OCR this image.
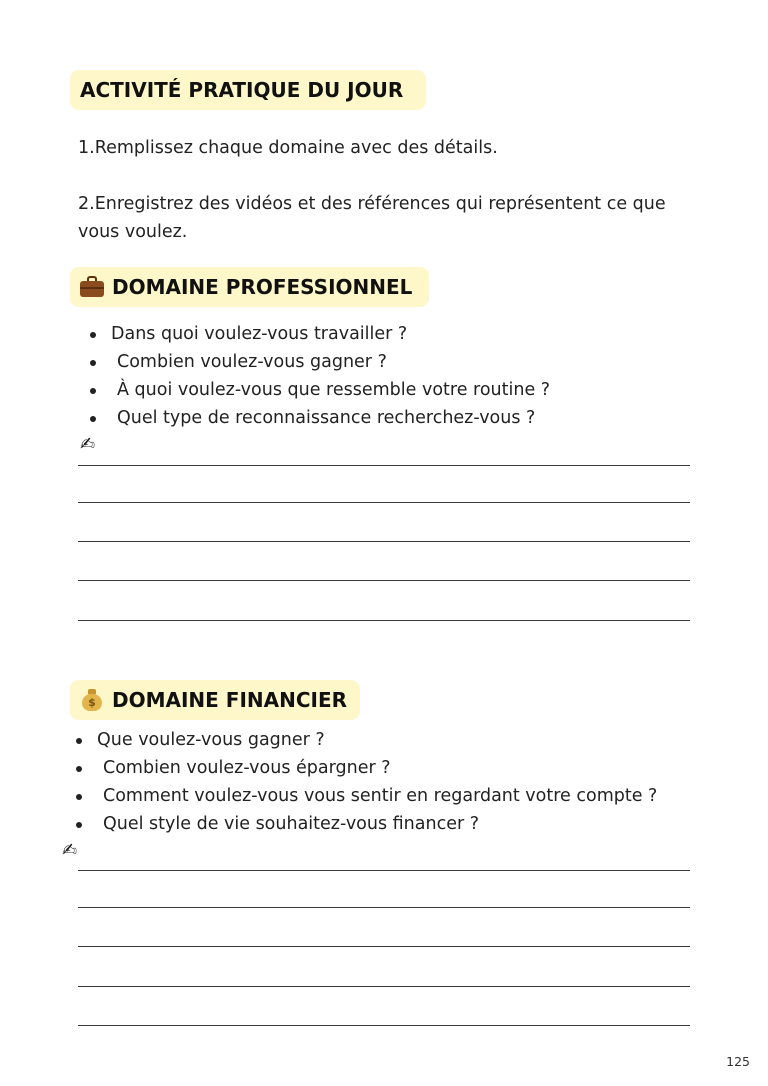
ACTIVITÉ PRATIQUE DU JOUR
1.Remplissez chaque domaine avec des détails.
2.Enregistrez des vidéos et des références qui représentent ce que vous voulez.
DOMAINE PROFESSIONNEL
Dans quoi voulez-vous travailler ?
Combien voulez-vous gagner ?
À quoi voulez-vous que ressemble votre routine ?
Quel type de reconnaissance recherchez-vous ?
✍
$ DOMAINE FINANCIER
Que voulez-vous gagner ?
Combien voulez-vous épargner ?
Comment voulez-vous vous sentir en regardant votre compte ?
Quel style de vie souhaitez-vous financer ?
✍
125
